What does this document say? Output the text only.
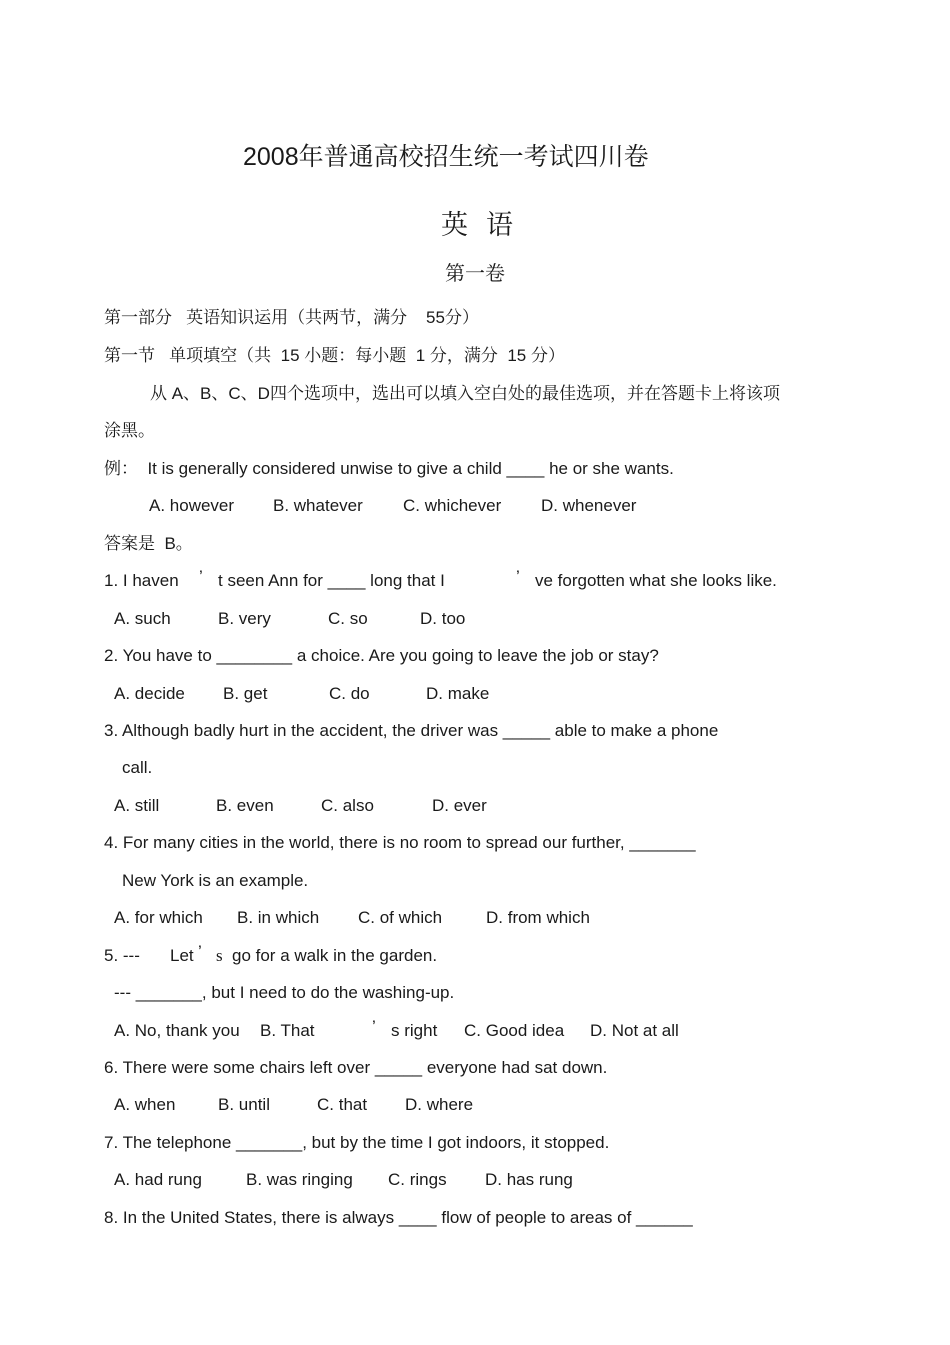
2008年普通高校招生统一考试四川卷
英语
第一卷
第一部分   英语知识运用（共两节，满分    55分）
第一节   单项填空（共  15 小题：每小题  1 分，满分  15 分）
从 A、B、C、D四个选项中，选出可以填入空白处的最佳选项，并在答题卡上将该项
涂黑。
例：  It is generally considered unwise to give a child ____ he or she wants.
A. however B. whatever C. whichever D. whenever
答案是  B。
1. I haven ’ t seen Ann for ____ long that I	’ ve forgotten what she looks like.
A. such	B. very	C. so	D. too
2. You have to ________ a choice. Are you going to leave the job or stay?
A. decide B. get	C. do	D. make
3. Although badly hurt in the accident, the driver was _____ able to make a phone
call.
A. still	B. even	C. also	D. ever
4. For many cities in the world, there is no room to spread our further, _______
New York is an example.
A. for which B. in which C. of which	D. from which
5. --- Let ’ s go for a walk in the garden.
--- _______, but I need to do the washing-up.
A. No, thank you B. That	’ s right C. Good idea D. Not at all
6. There were some chairs left over _____ everyone had sat down.
A. when	B. until	C. that D. where
7. The telephone _______, but by the time I got indoors, it stopped.
A. had rung	B. was ringing C. rings D. has rung
8. In the United States, there is always ____ flow of people to areas of ______
